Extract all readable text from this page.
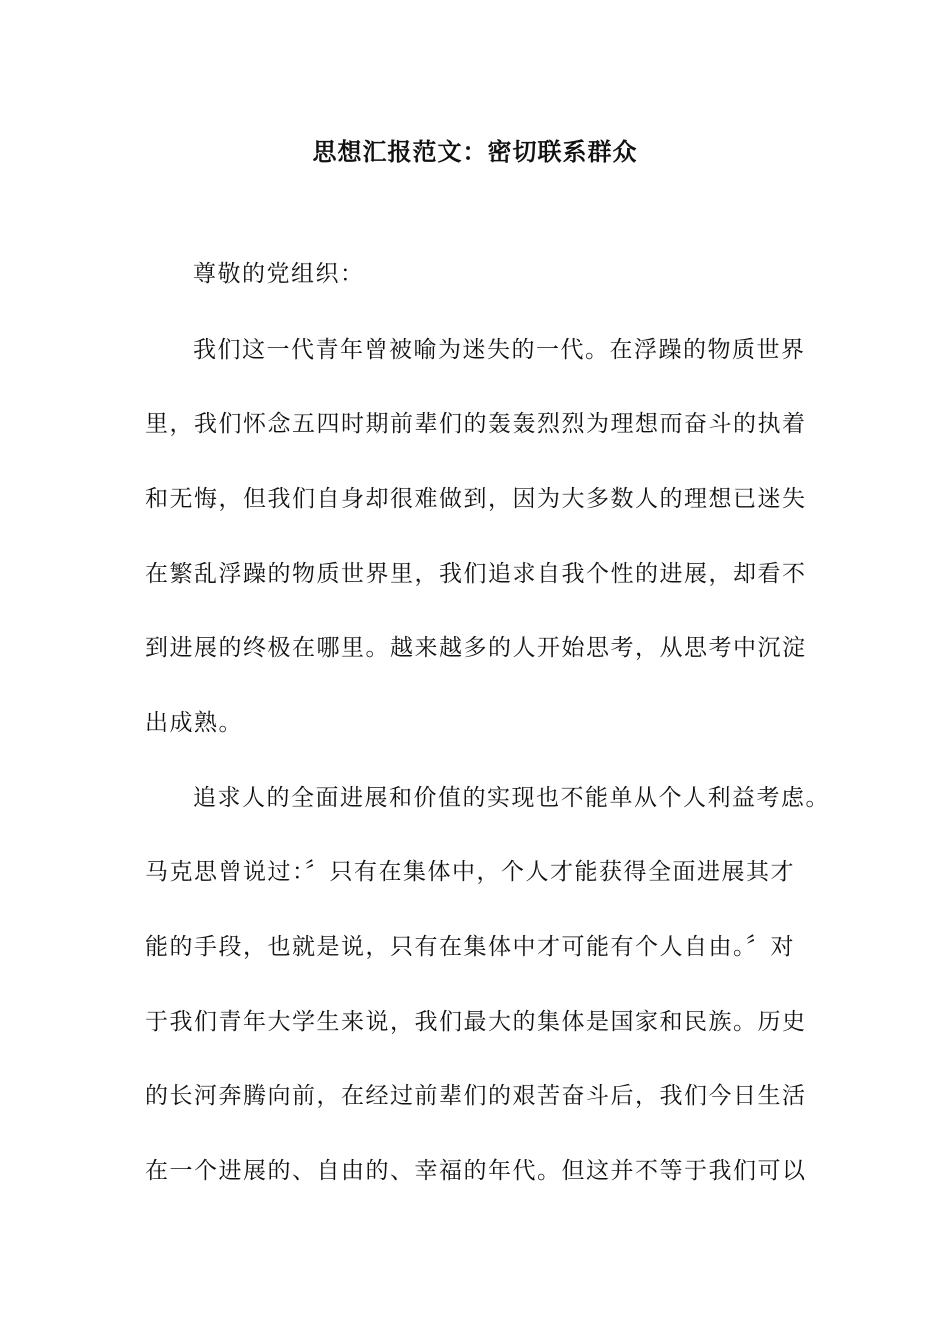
思想汇报范文：密切联系群众
尊敬的党组织：
我们这一代青年曾被喻为迷失的一代。在浮躁的物质世界
里，我们怀念五四时期前辈们的轰轰烈烈为理想而奋斗的执着
和无悔，但我们自身却很难做到，因为大多数人的理想已迷失
在繁乱浮躁的物质世界里，我们追求自我个性的进展，却看不
到进展的终极在哪里。越来越多的人开始思考，从思考中沉淀
出成熟。
追求人的全面进展和价值的实现也不能单从个人利益考虑。
马克思曾说过：〞只有在集体中，个人才能获得全面进展其才
能的手段，也就是说，只有在集体中才可能有个人自由。〞对
于我们青年大学生来说，我们最大的集体是国家和民族。历史
的长河奔腾向前，在经过前辈们的艰苦奋斗后，我们今日生活
在一个进展的、自由的、幸福的年代。但这并不等于我们可以
